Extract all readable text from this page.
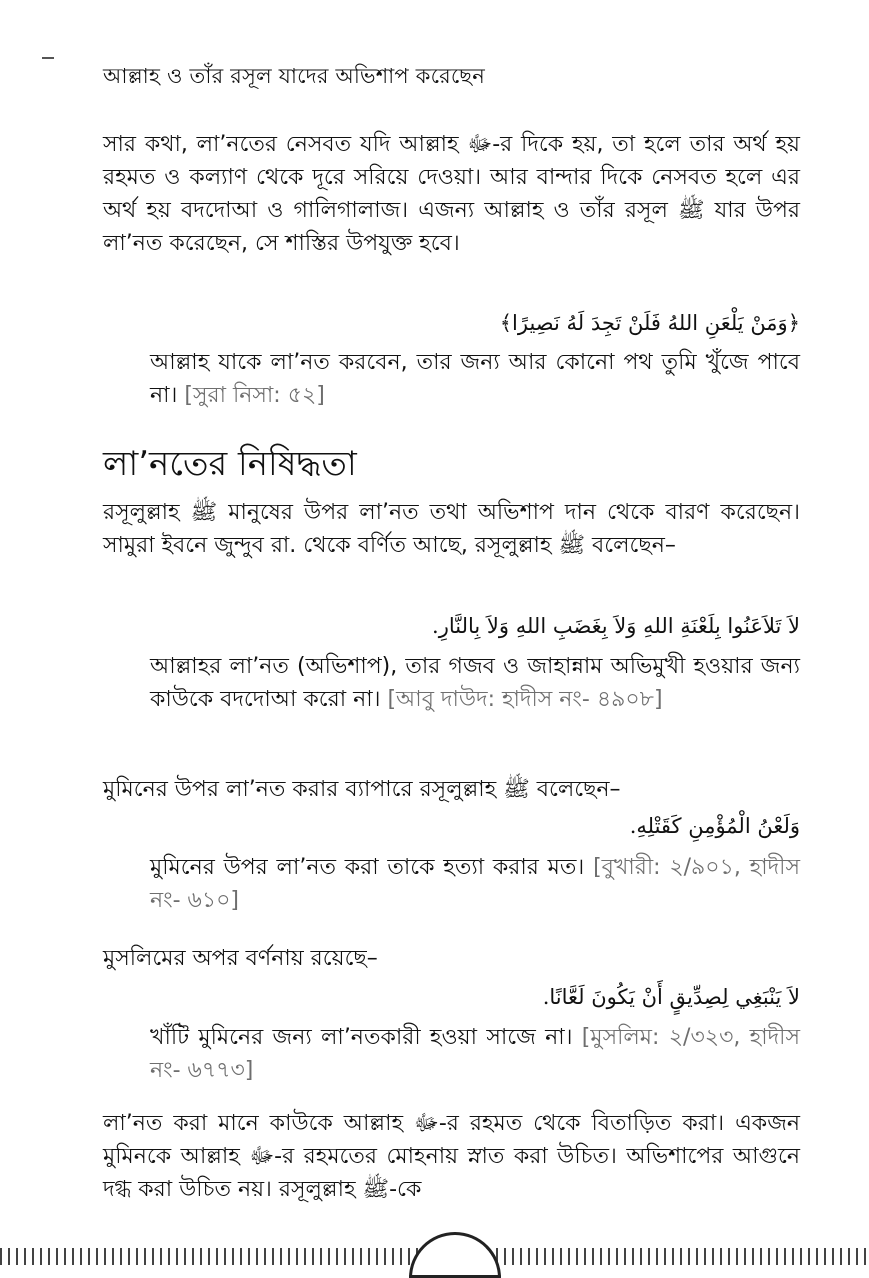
আল্লাহ ও তাঁর রসূল যাদের অভিশাপ করেছেন
সার কথা, লা’নতের নেসবত যদি আল্লাহ ﷻ-র দিকে হয়, তা হলে তার অর্থ হয় রহমত ও কল্যাণ থেকে দূরে সরিয়ে দেওয়া। আর বান্দার দিকে নেসবত হলে এর অর্থ হয় বদদোআ ও গালিগালাজ। এজন্য আল্লাহ ও তাঁর রসূল ﷺ যার উপর লা’নত করেছেন, সে শাস্তির উপযুক্ত হবে।
﴿وَمَنْ يَلْعَنِ اللهُ فَلَنْ تَجِدَ لَهُ نَصِيرًا﴾
আল্লাহ যাকে লা’নত করবেন, তার জন্য আর কোনো পথ তুমি খুঁজে পাবে না। [সুরা নিসা: ৫২]
লা’নতের নিষিদ্ধতা
রসূলুল্লাহ ﷺ মানুষের উপর লা’নত তথা অভিশাপ দান থেকে বারণ করেছেন। সামুরা ইবনে জুন্দুব রা. থেকে বর্ণিত আছে, রসূলুল্লাহ ﷺ বলেছেন–
لاَ تَلاَعَنُوا بِلَعْنَةِ اللهِ وَلاَ بِغَضَبِ اللهِ وَلاَ بِالنَّارِ.
আল্লাহর লা’নত (অভিশাপ), তার গজব ও জাহান্নাম অভিমুখী হওয়ার জন্য কাউকে বদদোআ করো না। [আবু দাউদ: হাদীস নং- ৪৯০৮]
মুমিনের উপর লা’নত করার ব্যাপারে রসূলুল্লাহ ﷺ বলেছেন–
وَلَعْنُ الْمُؤْمِنِ كَقَتْلِهِ.
মুমিনের উপর লা’নত করা তাকে হত্যা করার মত। [বুখারী: ২/৯০১, হাদীস নং- ৬১০]
মুসলিমের অপর বর্ণনায় রয়েছে–
لاَ يَنْبَغِي لِصِدِّيقٍ أَنْ يَكُونَ لَعَّانًا.
খাঁটি মুমিনের জন্য লা’নতকারী হওয়া সাজে না। [মুসলিম: ২/৩২৩, হাদীস নং- ৬৭৭৩]
লা’নত করা মানে কাউকে আল্লাহ ﷻ-র রহমত থেকে বিতাড়িত করা। একজন মুমিনকে আল্লাহ ﷻ-র রহমতের মোহনায় স্নাত করা উচিত। অভিশাপের আগুনে দগ্ধ করা উচিত নয়। রসূলুল্লাহ ﷺ-কে
